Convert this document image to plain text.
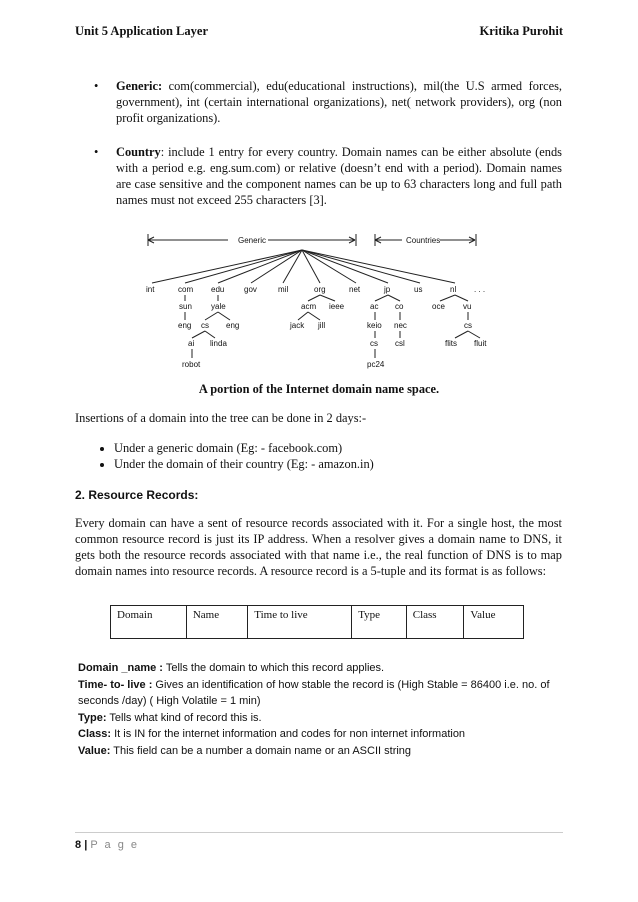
Unit 5 Application Layer	Kritika Purohit
• Generic: com(commercial), edu(educational instructions), mil(the U.S armed forces, government), int (certain international organizations), net( network providers), org (non profit organizations).
• Country: include 1 entry for every country. Domain names can be either absolute (ends with a period e.g. eng.sum.com) or relative (doesn’t end with a period). Domain names are case sensitive and the component names can be up to 63 characters long and full path names must not exceed 255 characters [3].
Generic	Countries
int	com edu gov	mil	org	net	jp	us	nl . . .
sun yale	acm ieee	ac co	oce vu
eng cs eng	jack jill	keio nec	cs
ai linda	cs csl	flits fluit
robot	pc24
A portion of the Internet domain name space.
Insertions of a domain into the tree can be done in 2 days:-
• Under a generic domain (Eg: - facebook.com)
• Under the domain of their country (Eg: - amazon.in)
2. Resource Records:
Every domain can have a sent of resource records associated with it. For a single host, the most common resource record is just its IP address. When a resolver gives a domain name to DNS, it gets both the resource records associated with that name i.e., the real function of DNS is to map domain names into resource records. A resource record is a 5-tuple and its format is as follows:
Domain	Name	Time to live	Type	Class	Value
Domain _name : Tells the domain to which this record applies.
Time- to- live : Gives an identification of how stable the record is (High Stable = 86400 i.e. no. of seconds /day) ( High Volatile = 1 min)
Type: Tells what kind of record this is.
Class: It is IN for the internet information and codes for non internet information
Value: This field can be a number a domain name or an ASCII string
8 | P a g e
